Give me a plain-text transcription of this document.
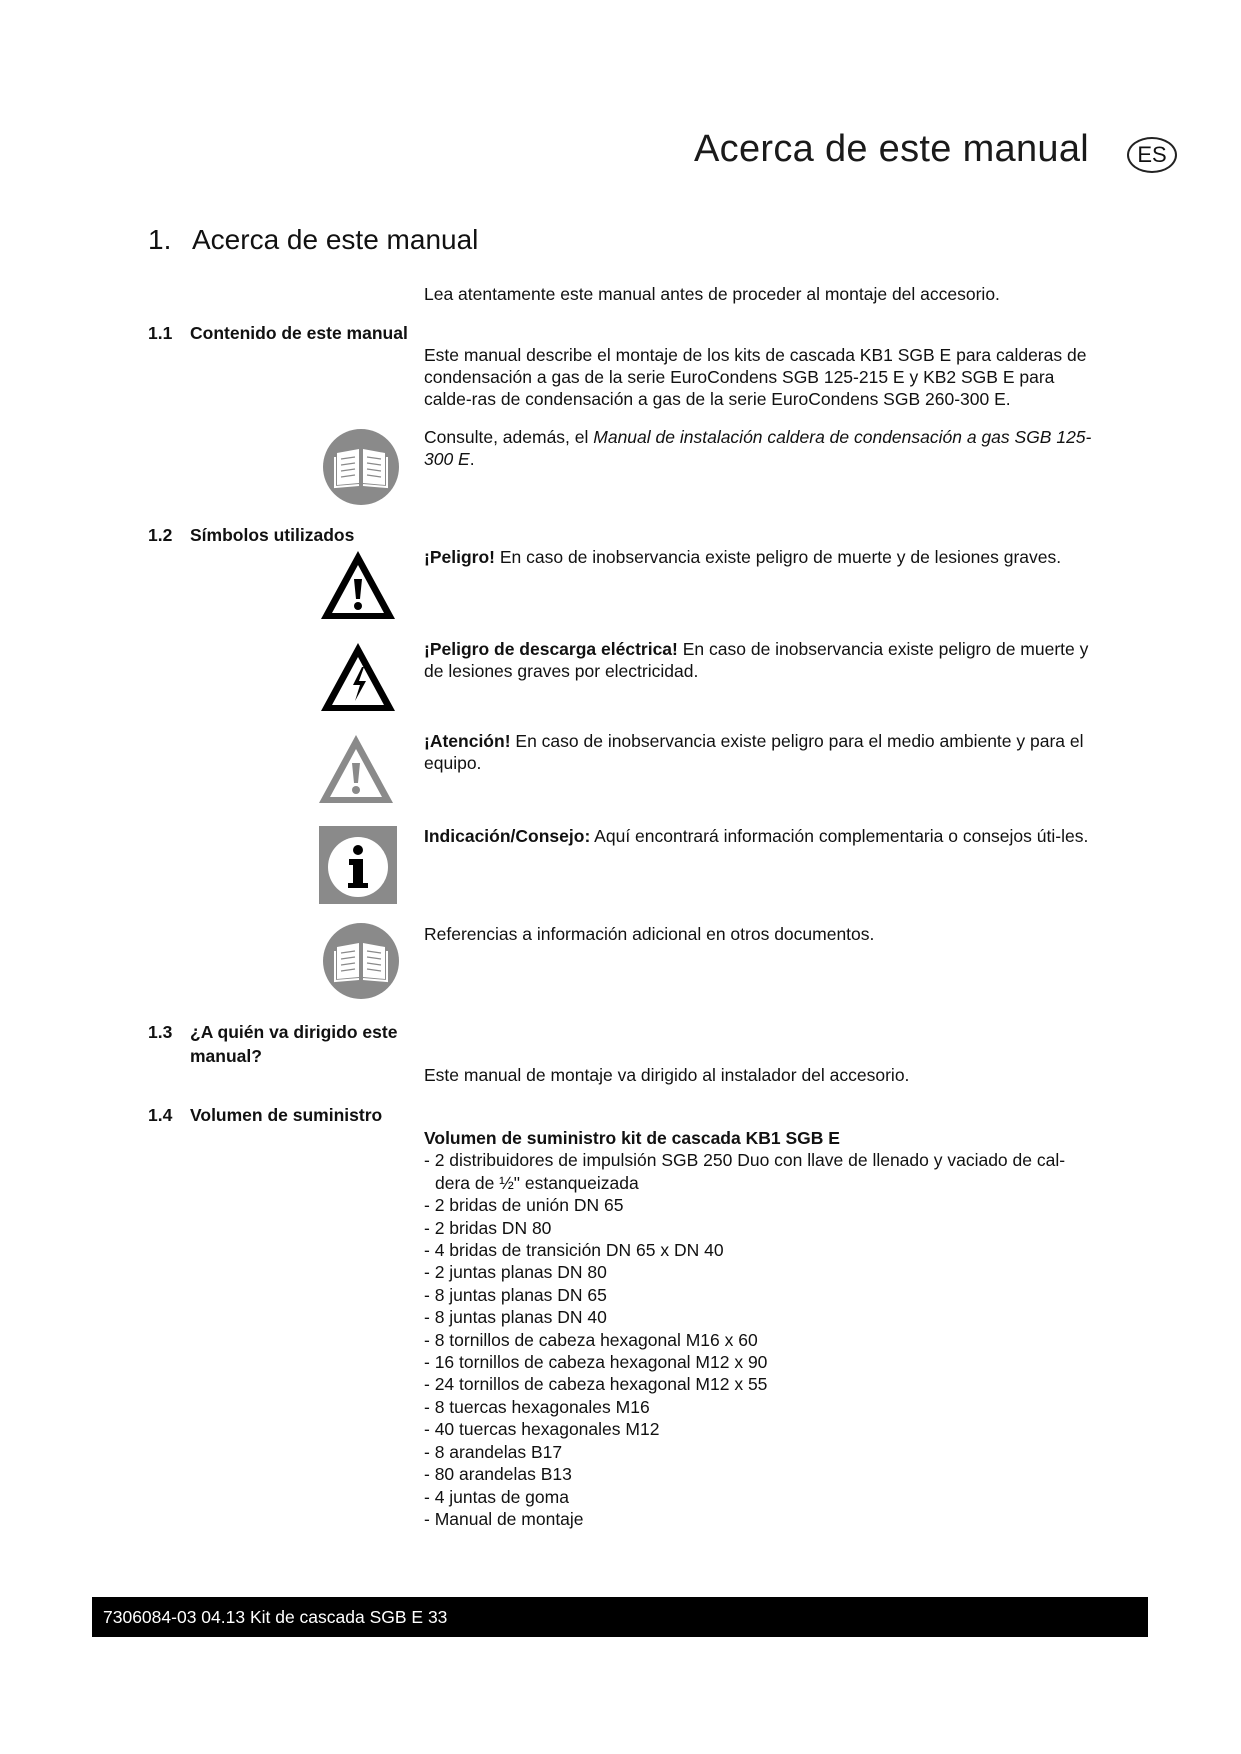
Acerca de este manual	ES
1. Acerca de este manual
Lea atentamente este manual antes de proceder al montaje del accesorio.
1.1 Contenido de este manual
Este manual describe el montaje de los kits de cascada KB1 SGB E para calderas de condensación a gas de la serie EuroCondens SGB 125-215 E y KB2 SGB E para calde-ras de condensación a gas de la serie EuroCondens SGB 260-300 E.
Consulte, además, el Manual de instalación caldera de condensación a gas SGB 125-300 E.
1.2 Símbolos utilizados
¡Peligro! En caso de inobservancia existe peligro de muerte y de lesiones graves.
¡Peligro de descarga eléctrica! En caso de inobservancia existe peligro de muerte y de lesiones graves por electricidad.
¡Atención! En caso de inobservancia existe peligro para el medio ambiente y para el equipo.
Indicación/Consejo: Aquí encontrará información complementaria o consejos úti-les.
Referencias a información adicional en otros documentos.
1.3 ¿A quién va dirigido este manual?
Este manual de montaje va dirigido al instalador del accesorio.
1.4 Volumen de suministro
Volumen de suministro kit de cascada KB1 SGB E
- 2 distribuidores de impulsión SGB 250 Duo con llave de llenado y vaciado de cal-dera de ½" estanqueizada
- 2 bridas de unión DN 65
- 2 bridas DN 80
- 4 bridas de transición DN 65 x DN 40
- 2 juntas planas DN 80
- 8 juntas planas DN 65
- 8 juntas planas DN 40
- 8 tornillos de cabeza hexagonal M16 x 60
- 16 tornillos de cabeza hexagonal M12 x 90
- 24 tornillos de cabeza hexagonal M12 x 55
- 8 tuercas hexagonales M16
- 40 tuercas hexagonales M12
- 8 arandelas B17
- 80 arandelas B13
- 4 juntas de goma
- Manual de montaje
7306084-03 04.13 Kit de cascada SGB E 33
